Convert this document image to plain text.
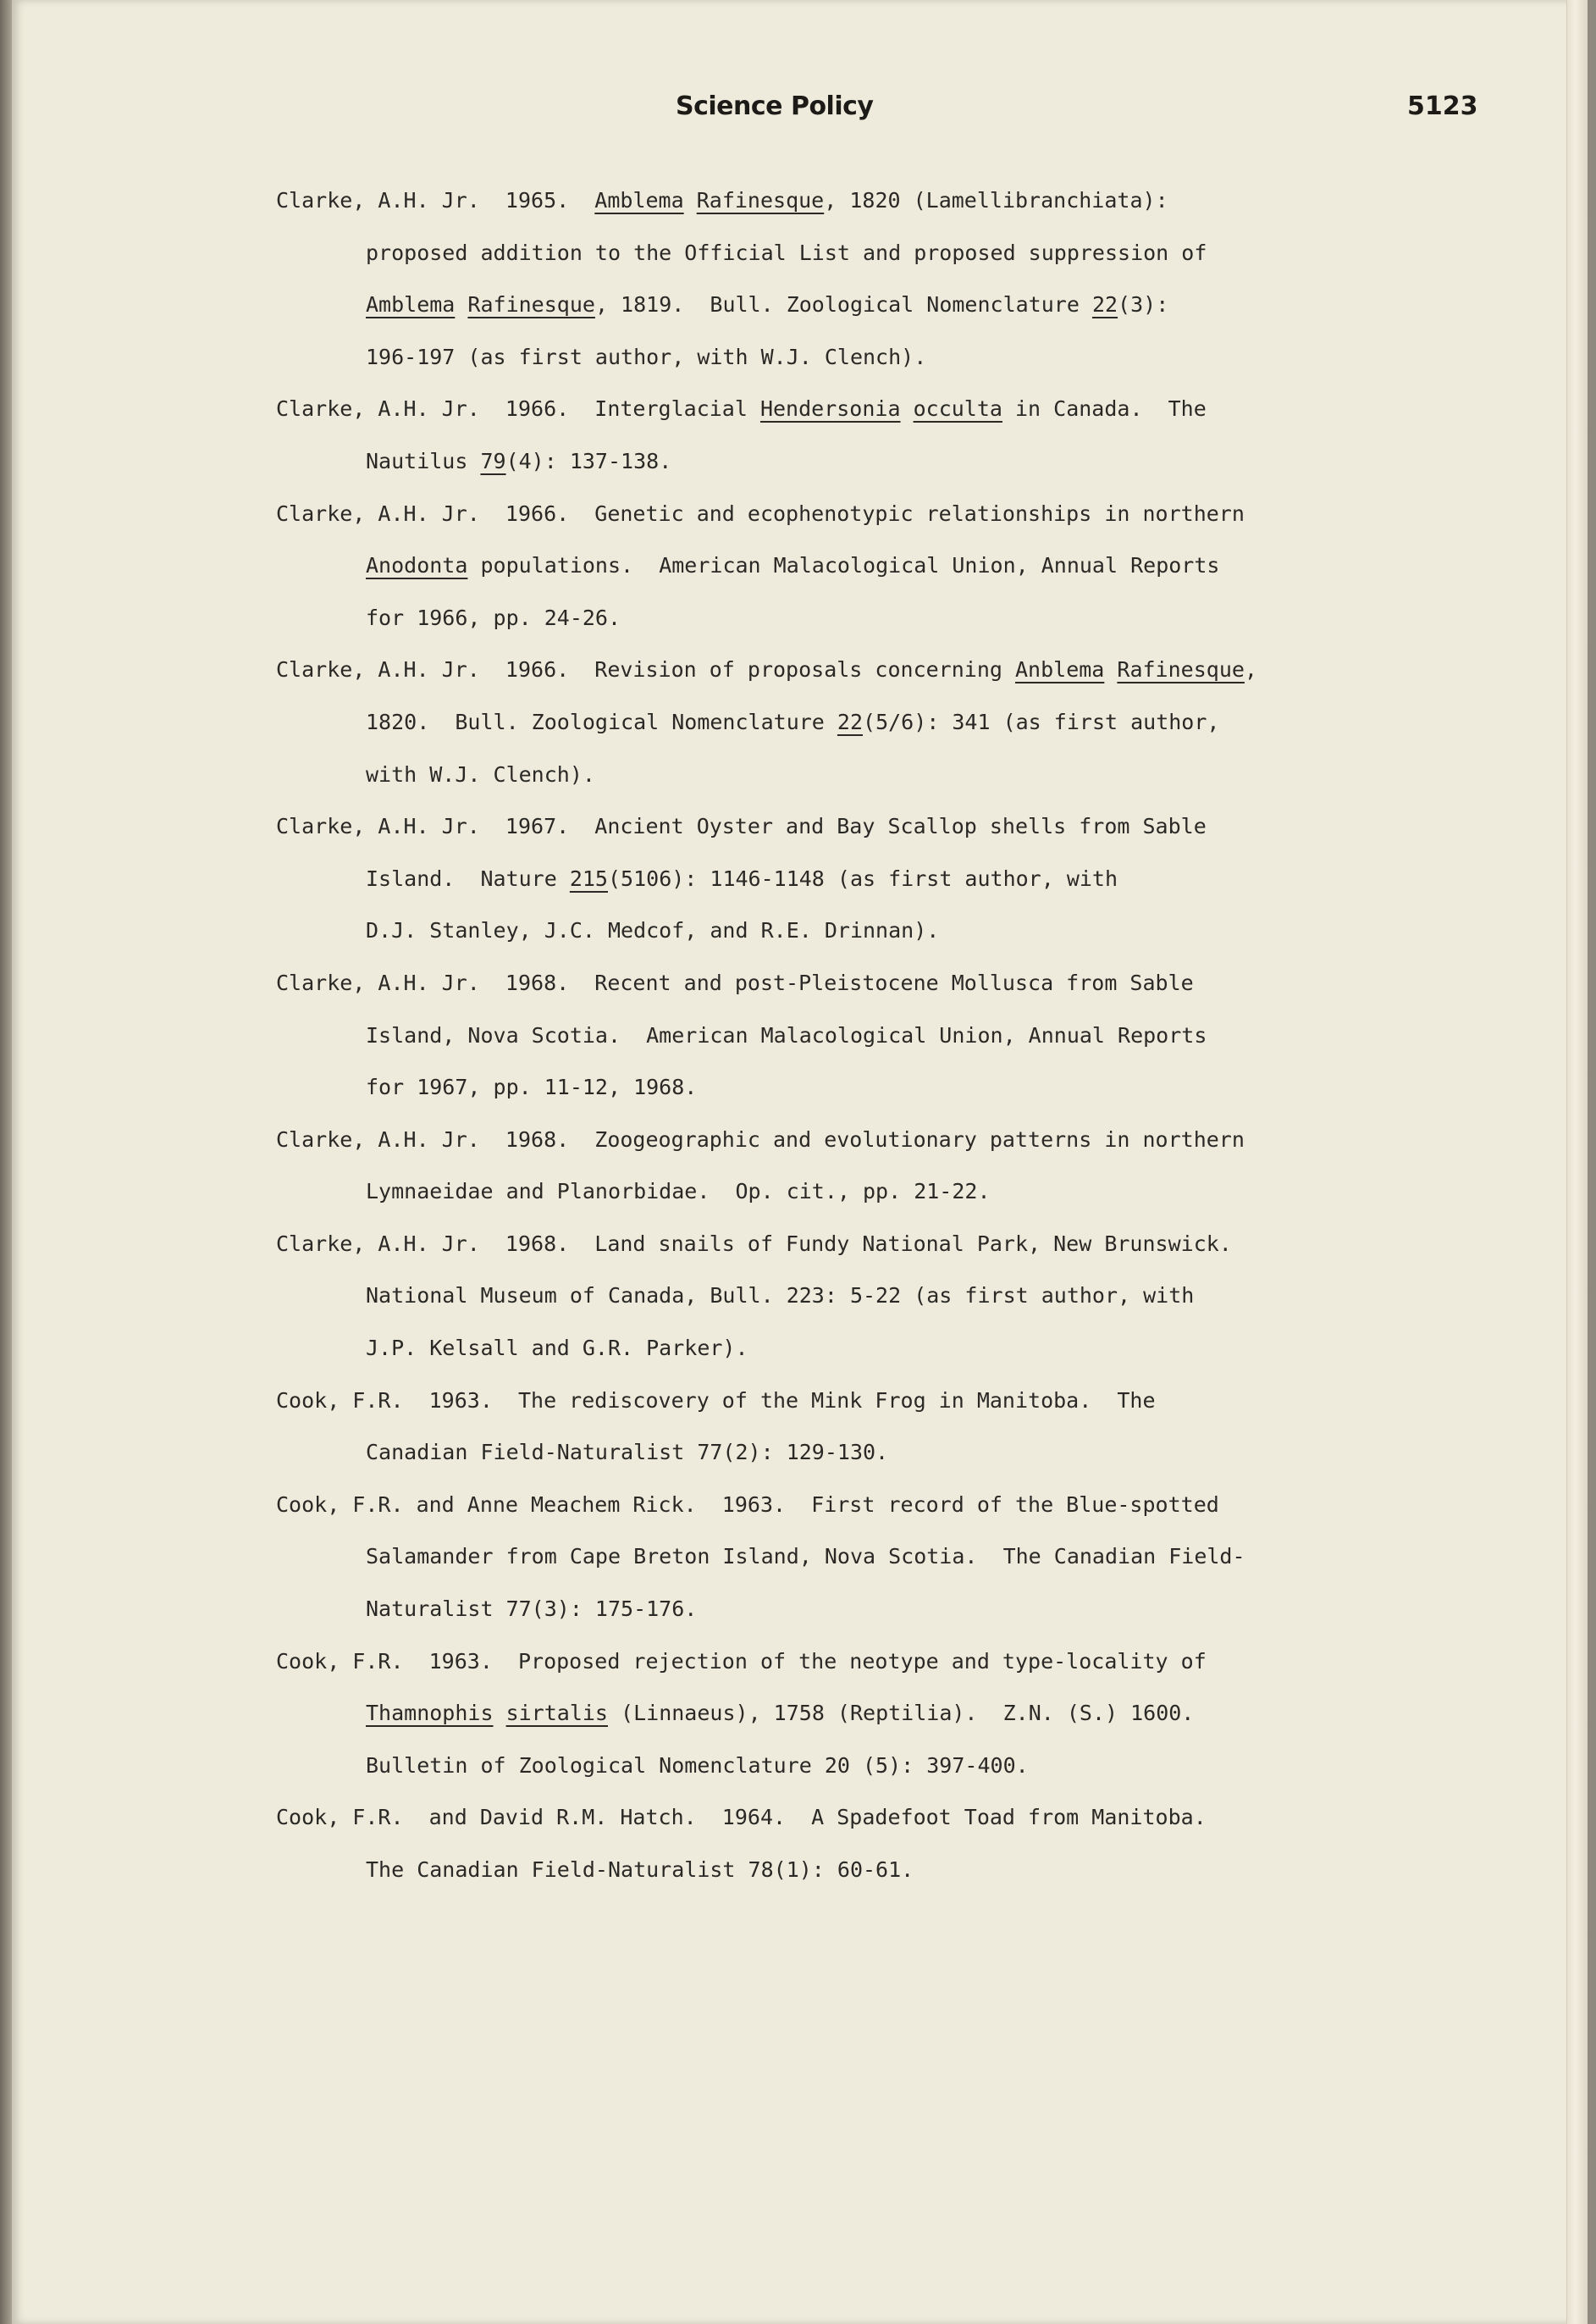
Science Policy	5123
Clarke, A.H. Jr.  1965.  Amblema Rafinesque, 1820 (Lamellibranchiata):
proposed addition to the Official List and proposed suppression of
Amblema Rafinesque, 1819.  Bull. Zoological Nomenclature 22(3):
196-197 (as first author, with W.J. Clench).
Clarke, A.H. Jr.  1966.  Interglacial Hendersonia occulta in Canada.  The
Nautilus 79(4): 137-138.
Clarke, A.H. Jr.  1966.  Genetic and ecophenotypic relationships in northern
Anodonta populations.  American Malacological Union, Annual Reports
for 1966, pp. 24-26.
Clarke, A.H. Jr.  1966.  Revision of proposals concerning Anblema Rafinesque,
1820.  Bull. Zoological Nomenclature 22(5/6): 341 (as first author,
with W.J. Clench).
Clarke, A.H. Jr.  1967.  Ancient Oyster and Bay Scallop shells from Sable
Island.  Nature 215(5106): 1146-1148 (as first author, with
D.J. Stanley, J.C. Medcof, and R.E. Drinnan).
Clarke, A.H. Jr.  1968.  Recent and post-Pleistocene Mollusca from Sable
Island, Nova Scotia.  American Malacological Union, Annual Reports
for 1967, pp. 11-12, 1968.
Clarke, A.H. Jr.  1968.  Zoogeographic and evolutionary patterns in northern
Lymnaeidae and Planorbidae.  Op. cit., pp. 21-22.
Clarke, A.H. Jr.  1968.  Land snails of Fundy National Park, New Brunswick.
National Museum of Canada, Bull. 223: 5-22 (as first author, with
J.P. Kelsall and G.R. Parker).
Cook, F.R.  1963.  The rediscovery of the Mink Frog in Manitoba.  The
Canadian Field-Naturalist 77(2): 129-130.
Cook, F.R. and Anne Meachem Rick.  1963.  First record of the Blue-spotted
Salamander from Cape Breton Island, Nova Scotia.  The Canadian Field-
Naturalist 77(3): 175-176.
Cook, F.R.  1963.  Proposed rejection of the neotype and type-locality of
Thamnophis sirtalis (Linnaeus), 1758 (Reptilia).  Z.N. (S.) 1600.
Bulletin of Zoological Nomenclature 20 (5): 397-400.
Cook, F.R.  and David R.M. Hatch.  1964.  A Spadefoot Toad from Manitoba.
The Canadian Field-Naturalist 78(1): 60-61.
